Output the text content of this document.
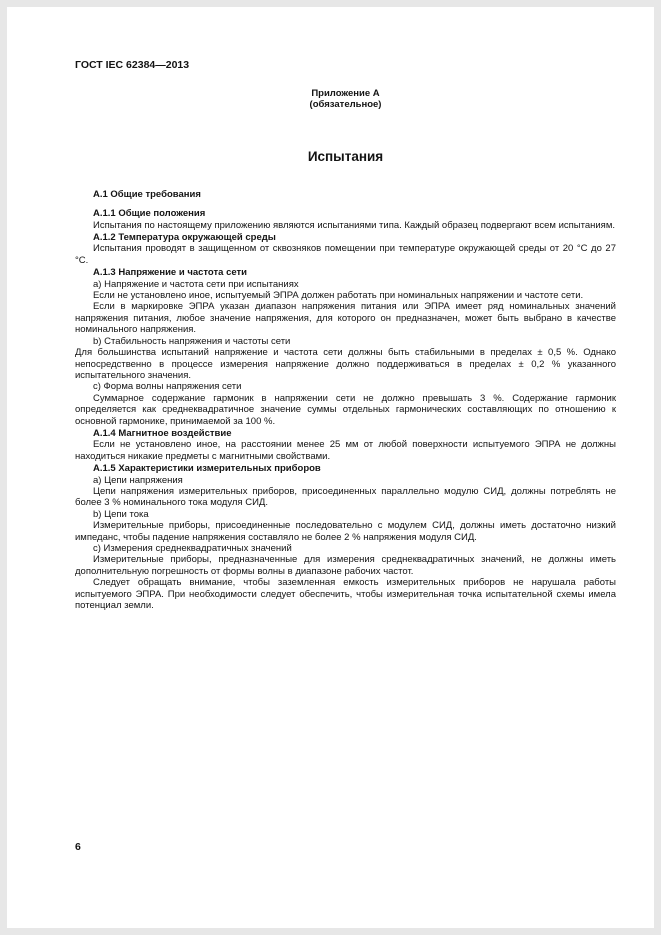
ГОСТ IEC 62384—2013
Приложение А
(обязательное)
Испытания
А.1 Общие требования
А.1.1 Общие положения

Испытания по настоящему приложению являются испытаниями типа. Каждый образец подвергают всем испытаниям.

А.1.2 Температура окружающей среды

Испытания проводят в защищенном от сквозняков помещении при температуре окружающей среды от 20 °С до 27 °С.

А.1.3 Напряжение и частота сети

a) Напряжение и частота сети при испытаниях

Если не установлено иное, испытуемый ЭПРА должен работать при номинальных напряжении и частоте сети.

Если в маркировке ЭПРА указан диапазон напряжения питания или ЭПРА имеет ряд номинальных значений напряжения питания, любое значение напряжения, для которого он предназначен, может быть выбрано в качестве номинального напряжения.

b) Стабильность напряжения и частоты сети

Для большинства испытаний напряжение и частота сети должны быть стабильными в пределах ± 0,5 %. Однако непосредственно в процессе измерения напряжение должно поддерживаться в пределах ± 0,2 % указанного испытательного значения.

c) Форма волны напряжения сети

Суммарное содержание гармоник в напряжении сети не должно превышать 3 %. Содержание гармоник определяется как среднеквадратичное значение суммы отдельных гармонических составляющих по отношению к основной гармонике, принимаемой за 100 %.

А.1.4 Магнитное воздействие

Если не установлено иное, на расстоянии менее 25 мм от любой поверхности испытуемого ЭПРА не должны находиться никакие предметы с магнитными свойствами.

А.1.5 Характеристики измерительных приборов

a) Цепи напряжения

Цепи напряжения измерительных приборов, присоединенных параллельно модулю СИД, должны потреблять не более 3 % номинального тока модуля СИД.

b) Цепи тока

Измерительные приборы, присоединенные последовательно с модулем СИД, должны иметь достаточно низкий импеданс, чтобы падение напряжения составляло не более 2 % напряжения модуля СИД.

c) Измерения среднеквадратичных значений

Измерительные приборы, предназначенные для измерения среднеквадратичных значений, не должны иметь дополнительную погрешность от формы волны в диапазоне рабочих частот.

Следует обращать внимание, чтобы заземленная емкость измерительных приборов не нарушала работы испытуемого ЭПРА. При необходимости следует обеспечить, чтобы измерительная точка испытательной схемы имела потенциал земли.

6
